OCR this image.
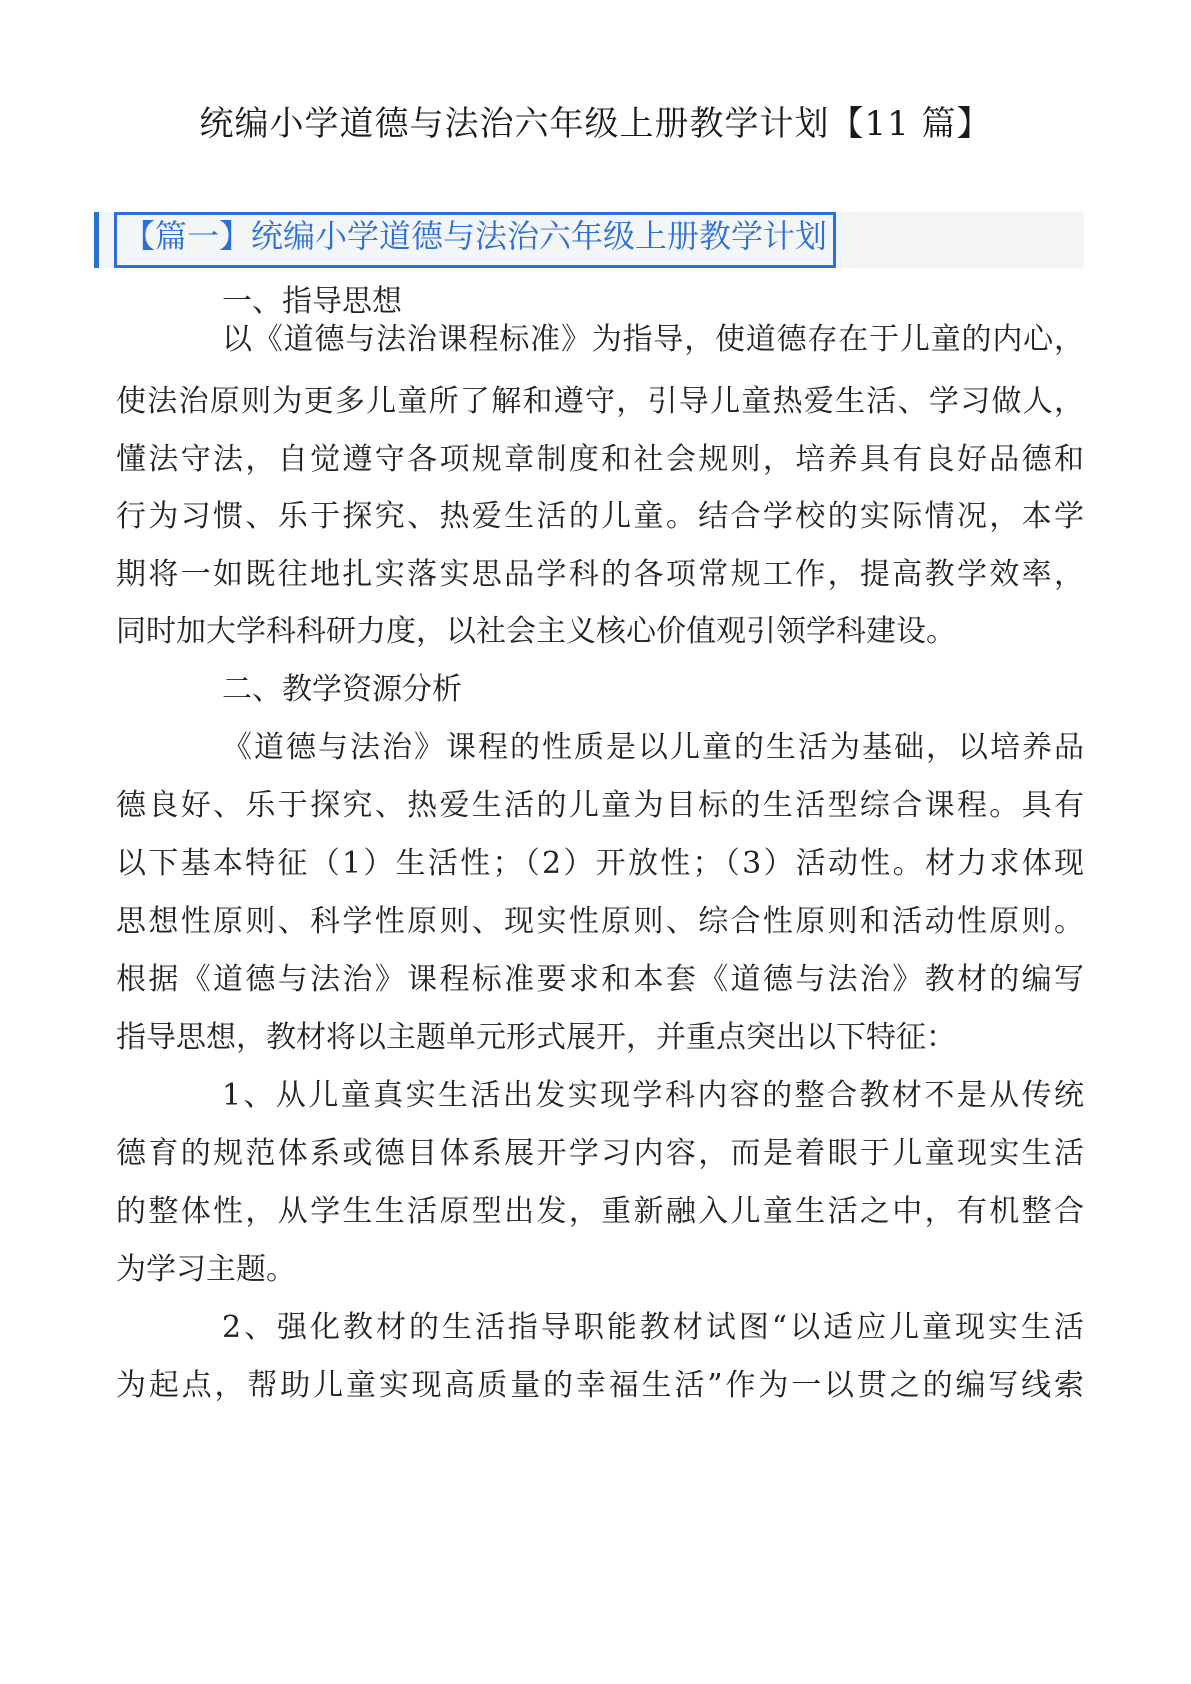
统编小学道德与法治六年级上册教学计划【11 篇】
【篇一】统编小学道德与法治六年级上册教学计划
一、指导思想
以《道德与法治课程标准》为指导，使道德存在于儿童的内心，
使法治原则为更多儿童所了解和遵守，引导儿童热爱生活、学习做人，
懂法守法，自觉遵守各项规章制度和社会规则，培养具有良好品德和
行为习惯、乐于探究、热爱生活的儿童。结合学校的实际情况，本学
期将一如既往地扎实落实思品学科的各项常规工作，提高教学效率，
同时加大学科科研力度，以社会主义核心价值观引领学科建设。
二、教学资源分析
《道德与法治》课程的性质是以儿童的生活为基础，以培养品
德良好、乐于探究、热爱生活的儿童为目标的生活型综合课程。具有
以下基本特征（1）生活性；（2）开放性；（3）活动性。材力求体现
思想性原则、科学性原则、现实性原则、综合性原则和活动性原则。
根据《道德与法治》课程标准要求和本套《道德与法治》教材的编写
指导思想，教材将以主题单元形式展开，并重点突出以下特征：
1、从儿童真实生活出发实现学科内容的整合教材不是从传统
德育的规范体系或德目体系展开学习内容，而是着眼于儿童现实生活
的整体性，从学生生活原型出发，重新融入儿童生活之中，有机整合
为学习主题。
2、强化教材的生活指导职能教材试图“以适应儿童现实生活
为起点，帮助儿童实现高质量的幸福生活”作为一以贯之的编写线索
